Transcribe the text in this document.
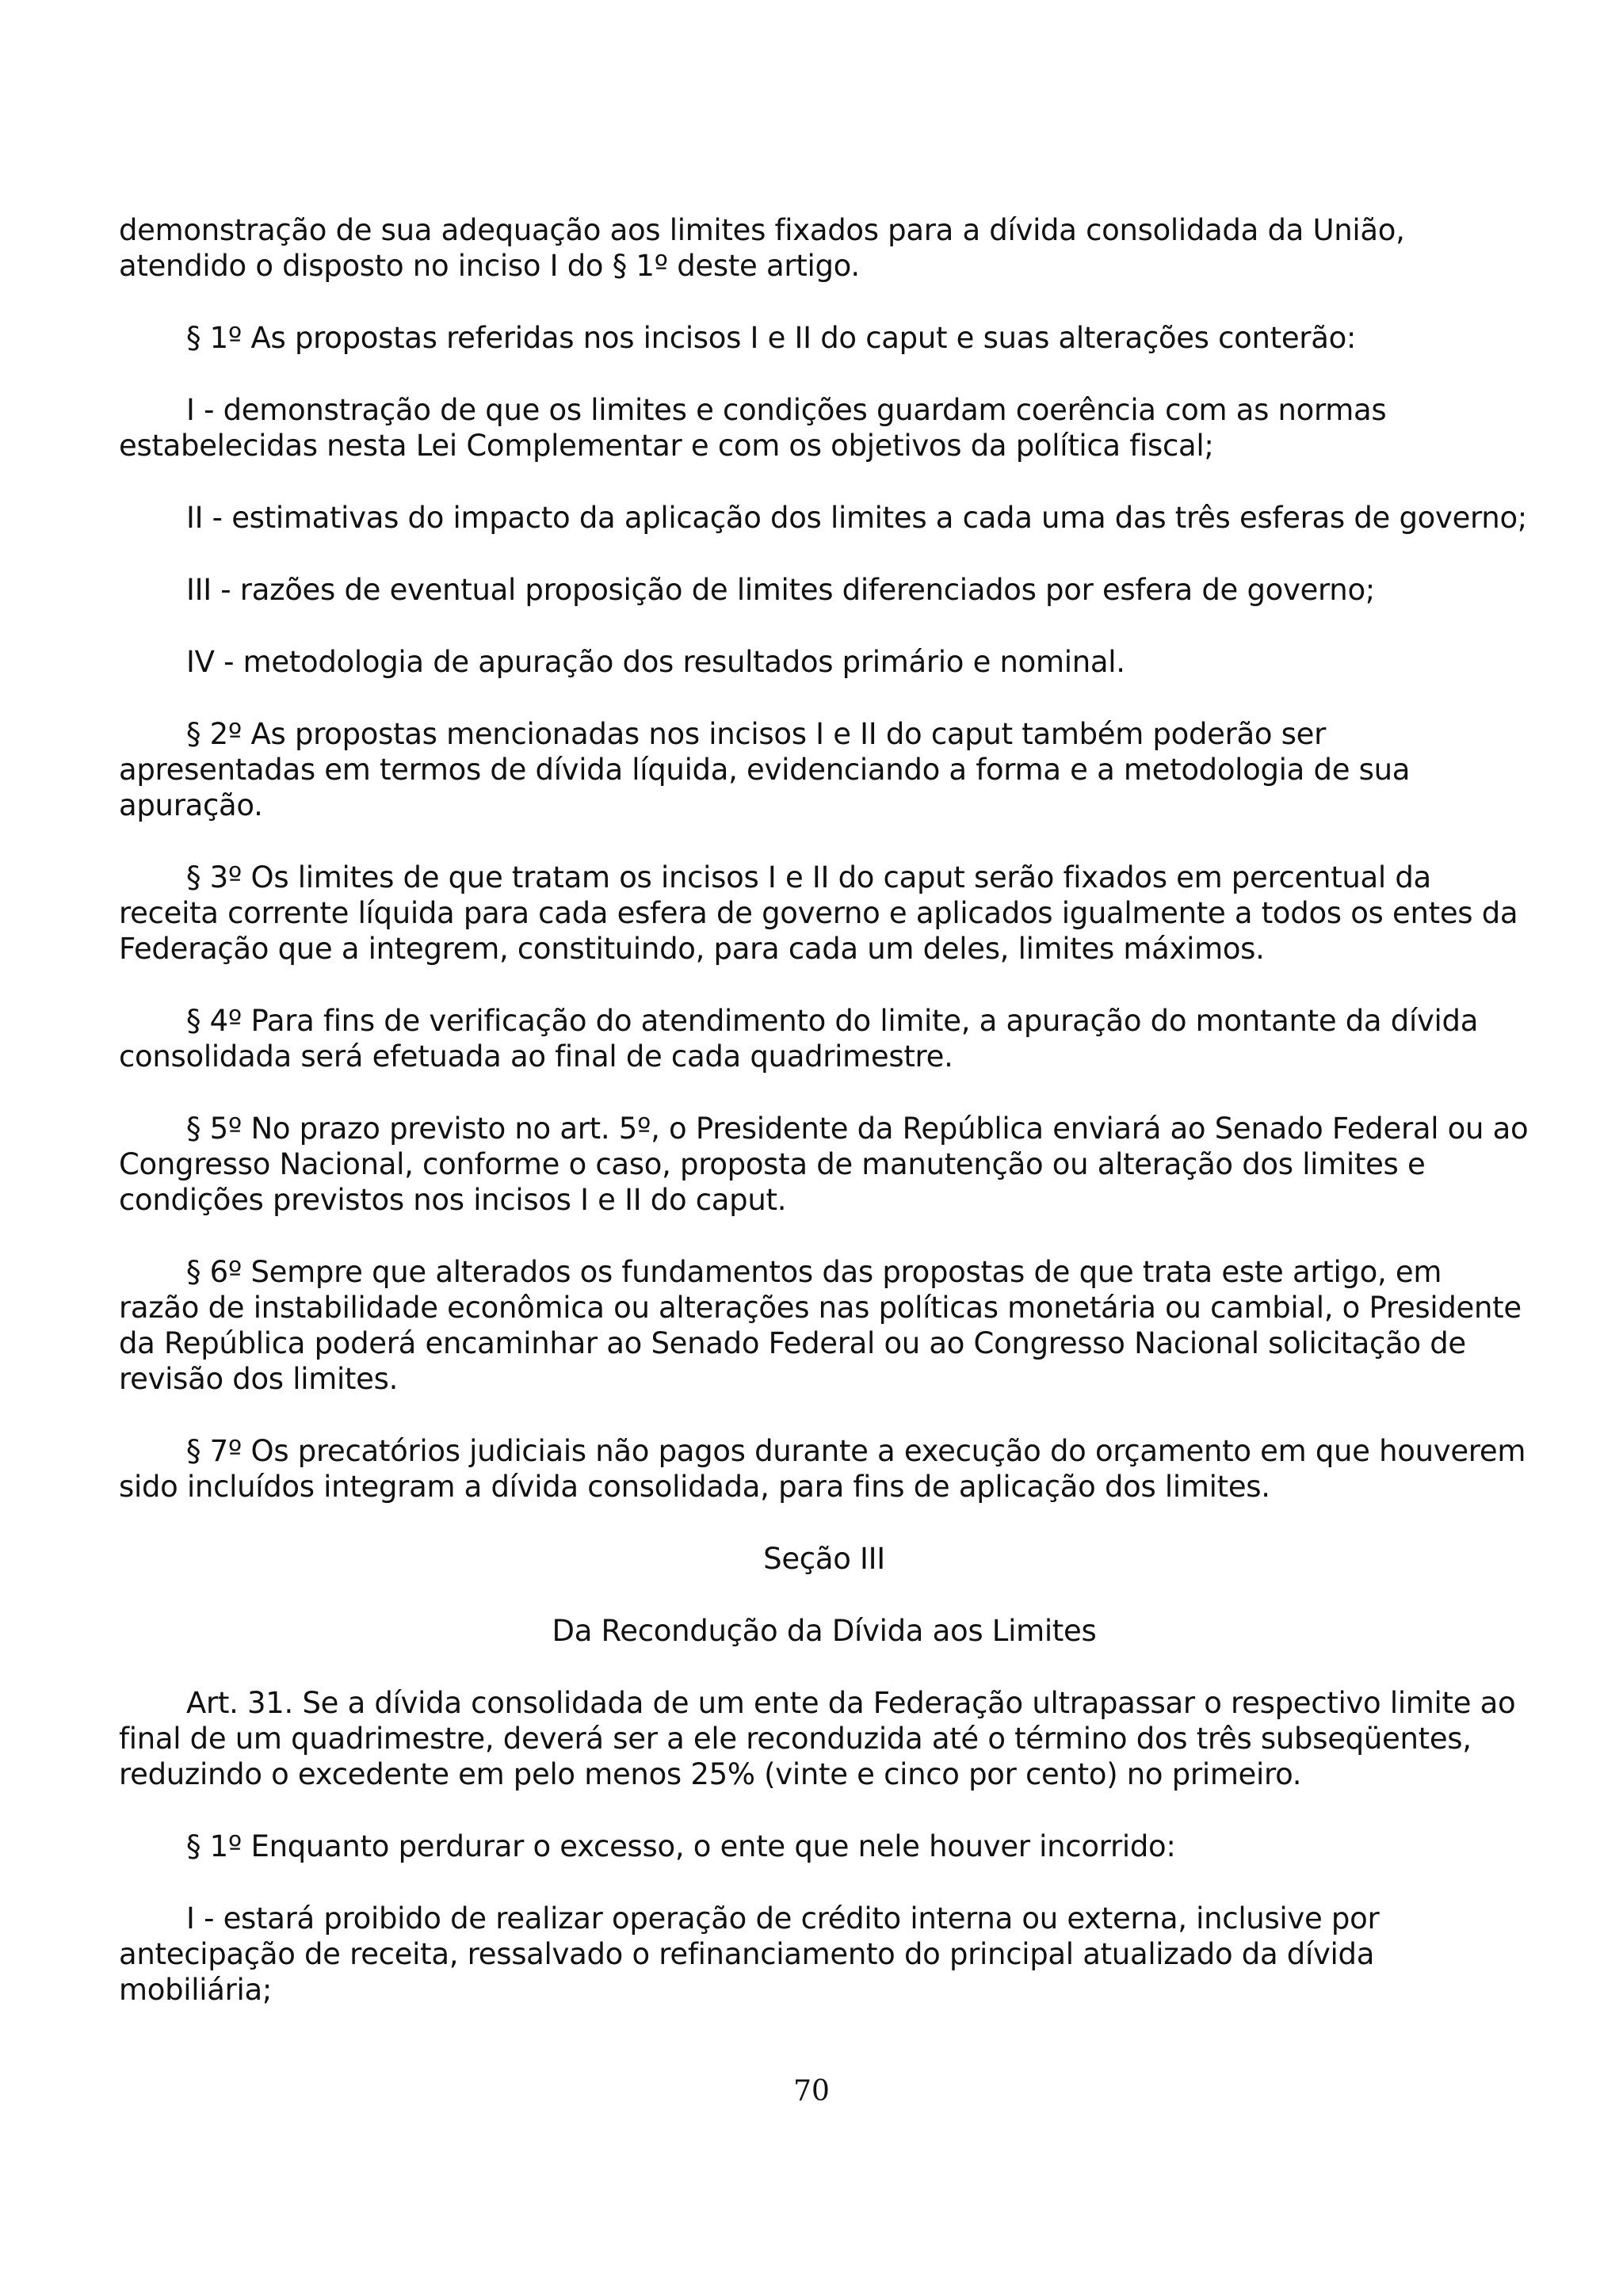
demonstração de sua adequação aos limites fixados para a dívida consolidada da União, atendido o disposto no inciso I do § 1º deste artigo.

§ 1º As propostas referidas nos incisos I e II do caput e suas alterações conterão:

I - demonstração de que os limites e condições guardam coerência com as normas estabelecidas nesta Lei Complementar e com os objetivos da política fiscal;

II - estimativas do impacto da aplicação dos limites a cada uma das três esferas de governo;

III - razões de eventual proposição de limites diferenciados por esfera de governo;

IV - metodologia de apuração dos resultados primário e nominal.

§ 2º As propostas mencionadas nos incisos I e II do caput também poderão ser apresentadas em termos de dívida líquida, evidenciando a forma e a metodologia de sua apuração.

§ 3º Os limites de que tratam os incisos I e II do caput serão fixados em percentual da receita corrente líquida para cada esfera de governo e aplicados igualmente a todos os entes da Federação que a integrem, constituindo, para cada um deles, limites máximos.

§ 4º Para fins de verificação do atendimento do limite, a apuração do montante da dívida consolidada será efetuada ao final de cada quadrimestre.

§ 5º No prazo previsto no art. 5º, o Presidente da República enviará ao Senado Federal ou ao Congresso Nacional, conforme o caso, proposta de manutenção ou alteração dos limites e condições previstos nos incisos I e II do caput.

§ 6º Sempre que alterados os fundamentos das propostas de que trata este artigo, em razão de instabilidade econômica ou alterações nas políticas monetária ou cambial, o Presidente da República poderá encaminhar ao Senado Federal ou ao Congresso Nacional solicitação de revisão dos limites.

§ 7º Os precatórios judiciais não pagos durante a execução do orçamento em que houverem sido incluídos integram a dívida consolidada, para fins de aplicação dos limites.

Seção III

Da Recondução da Dívida aos Limites

Art. 31. Se a dívida consolidada de um ente da Federação ultrapassar o respectivo limite ao final de um quadrimestre, deverá ser a ele reconduzida até o término dos três subseqüentes, reduzindo o excedente em pelo menos 25% (vinte e cinco por cento) no primeiro.

§ 1º Enquanto perdurar o excesso, o ente que nele houver incorrido:

I - estará proibido de realizar operação de crédito interna ou externa, inclusive por antecipação de receita, ressalvado o refinanciamento do principal atualizado da dívida mobiliária;

70
